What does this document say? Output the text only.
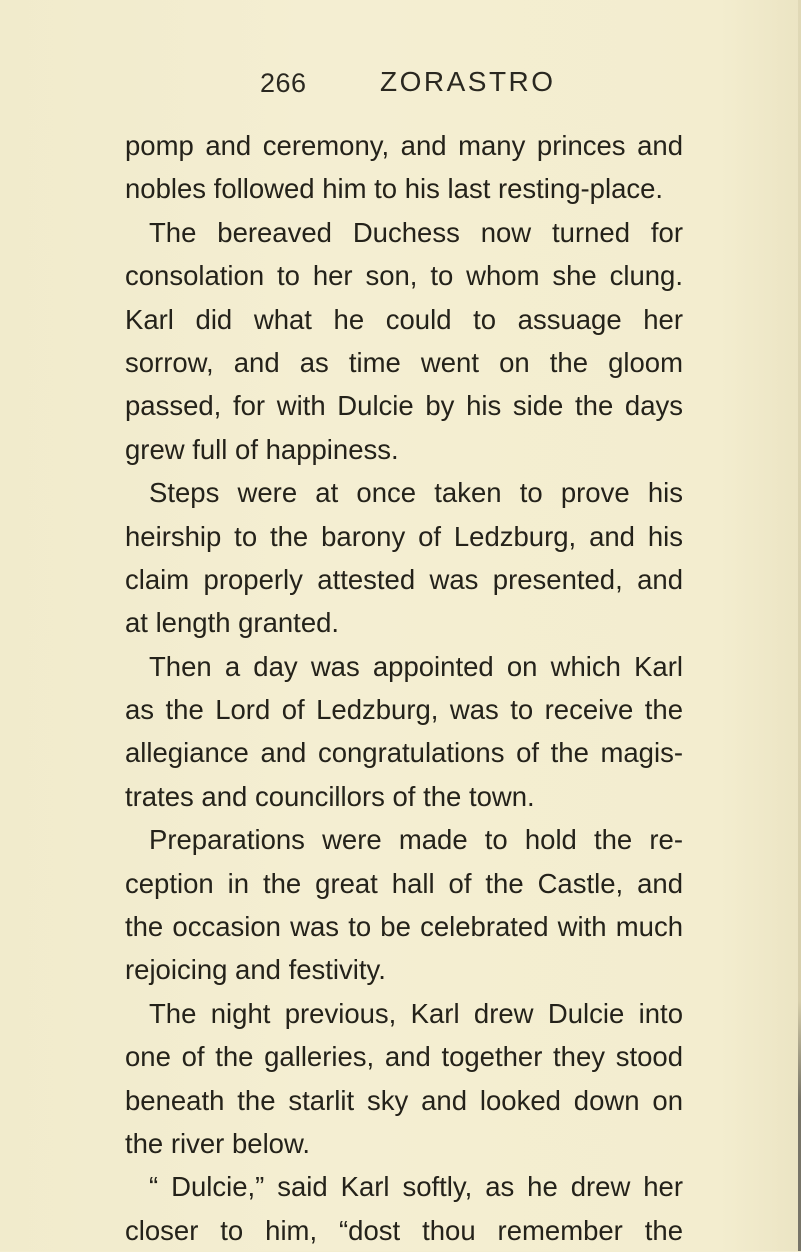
266	ZORASTRO
pomp and ceremony, and many princes and
nobles followed him to his last resting-place.
The bereaved Duchess now turned for
consolation to her son, to whom she clung.
Karl did what he could to assuage her
sorrow, and as time went on the gloom
passed, for with Dulcie by his side the days
grew full of happiness.
Steps were at once taken to prove his
heirship to the barony of Ledzburg, and his
claim properly attested was presented, and
at length granted.
Then a day was appointed on which Karl
as the Lord of Ledzburg, was to receive the
allegiance and congratulations of the magis-
trates and councillors of the town.
Preparations were made to hold the re-
ception in the great hall of the Castle, and
the occasion was to be celebrated with much
rejoicing and festivity.
The night previous, Karl drew Dulcie into
one of the galleries, and together they stood
beneath the starlit sky and looked down on
the river below.
“ Dulcie,” said Karl softly, as he drew her
closer to him, “dost thou remember the
